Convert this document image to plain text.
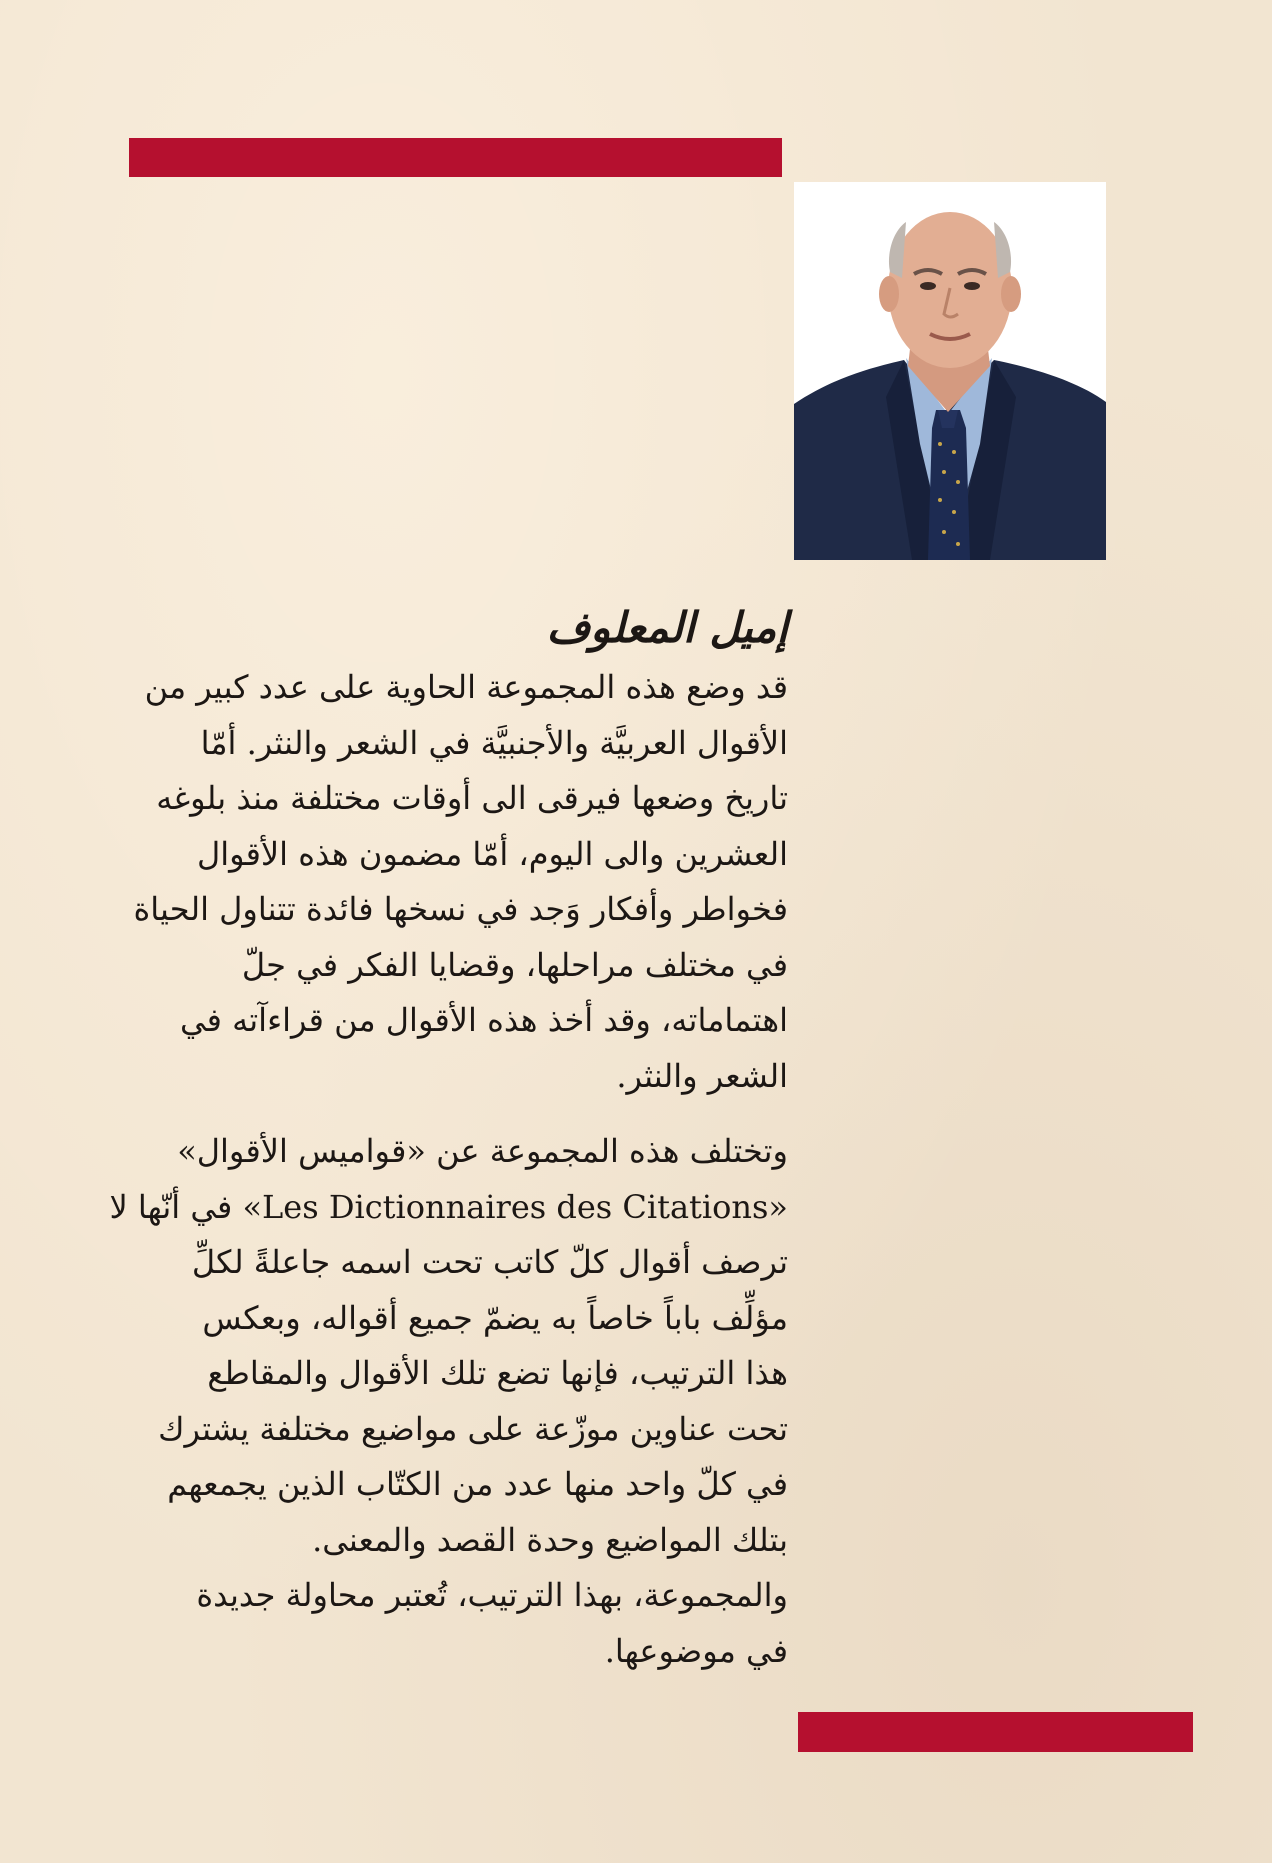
إميل المعلوف

قد وضع هذه المجموعة الحاوية على عدد كبير من
الأقوال العربيَّة والأجنبيَّة في الشعر والنثر. أمّا
تاريخ وضعها فيرقى الى أوقات مختلفة منذ بلوغه
العشرين والى اليوم، أمّا مضمون هذه الأقوال
فخواطر وأفكار وَجد في نسخها فائدة تتناول الحياة
في مختلف مراحلها، وقضايا الفكر في جلّ
اهتماماته، وقد أخذ هذه الأقوال من قراءآته في
الشعر والنثر.

وتختلف هذه المجموعة عن «قواميس الأقوال»
«Les Dictionnaires des Citations» في أنّها لا
ترصف أقوال كلّ كاتب تحت اسمه جاعلةً لكلِّ
مؤلِّف باباً خاصاً به يضمّ جميع أقواله، وبعكس
هذا الترتيب، فإنها تضع تلك الأقوال والمقاطع
تحت عناوين موزّعة على مواضيع مختلفة يشترك
في كلّ واحد منها عدد من الكتّاب الذين يجمعهم
بتلك المواضيع وحدة القصد والمعنى.
والمجموعة، بهذا الترتيب، تُعتبر محاولة جديدة
في موضوعها.
